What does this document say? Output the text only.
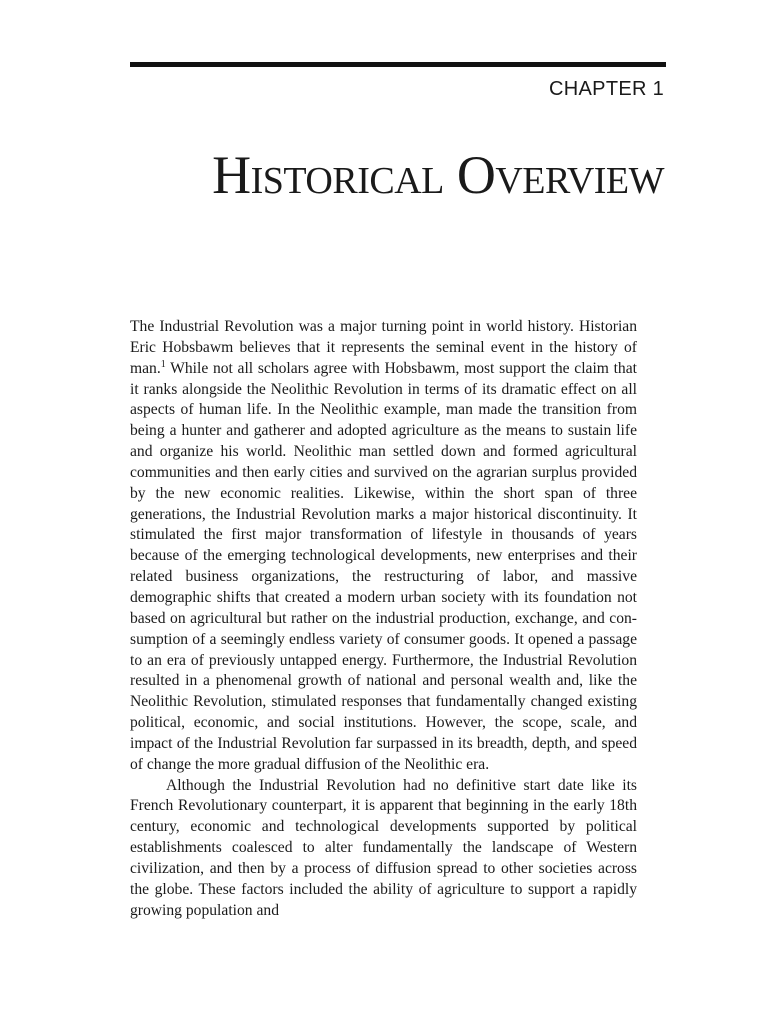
CHAPTER 1
Historical Overview

The Industrial Revolution was a major turning point in world history. Historian Eric Hobsbawm believes that it represents the seminal event in the history of man.$^1$ While not all scholars agree with Hobsbawm, most support the claim that it ranks alongside the Neolithic Revolution in terms of its dramatic effect on all aspects of human life. In the Neolithic example, man made the transition from being a hunter and gatherer and adopted agriculture as the means to sustain life and organize his world. Neolithic man settled down and formed agricultural communities and then early cities and survived on the agrarian surplus provided by the new economic realities. Likewise, within the short span of three generations, the Industrial Revolution marks a major historical discontinuity. It stimulated the first major transformation of lifestyle in thousands of years because of the emerging technological developments, new enterprises and their related business organizations, the restructuring of labor, and massive demographic shifts that created a modern urban society with its foundation not based on agricultural but rather on the industrial production, exchange, and consumption of a seemingly endless variety of consumer goods. It opened a passage to an era of previously untapped energy. Furthermore, the Industrial Revolution resulted in a phenomenal growth of national and personal wealth and, like the Neolithic Revolution, stimulated responses that fundamentally changed existing political, economic, and social institutions. However, the scope, scale, and impact of the Industrial Revolution far surpassed in its breadth, depth, and speed of change the more gradual diffusion of the Neolithic era.

Although the Industrial Revolution had no definitive start date like its French Revolutionary counterpart, it is apparent that beginning in the early 18th century, economic and technological developments supported by political establishments coalesced to alter fundamentally the landscape of Western civilization, and then by a process of diffusion spread to other societies across the globe. These factors included the ability of agriculture to support a rapidly growing population and
